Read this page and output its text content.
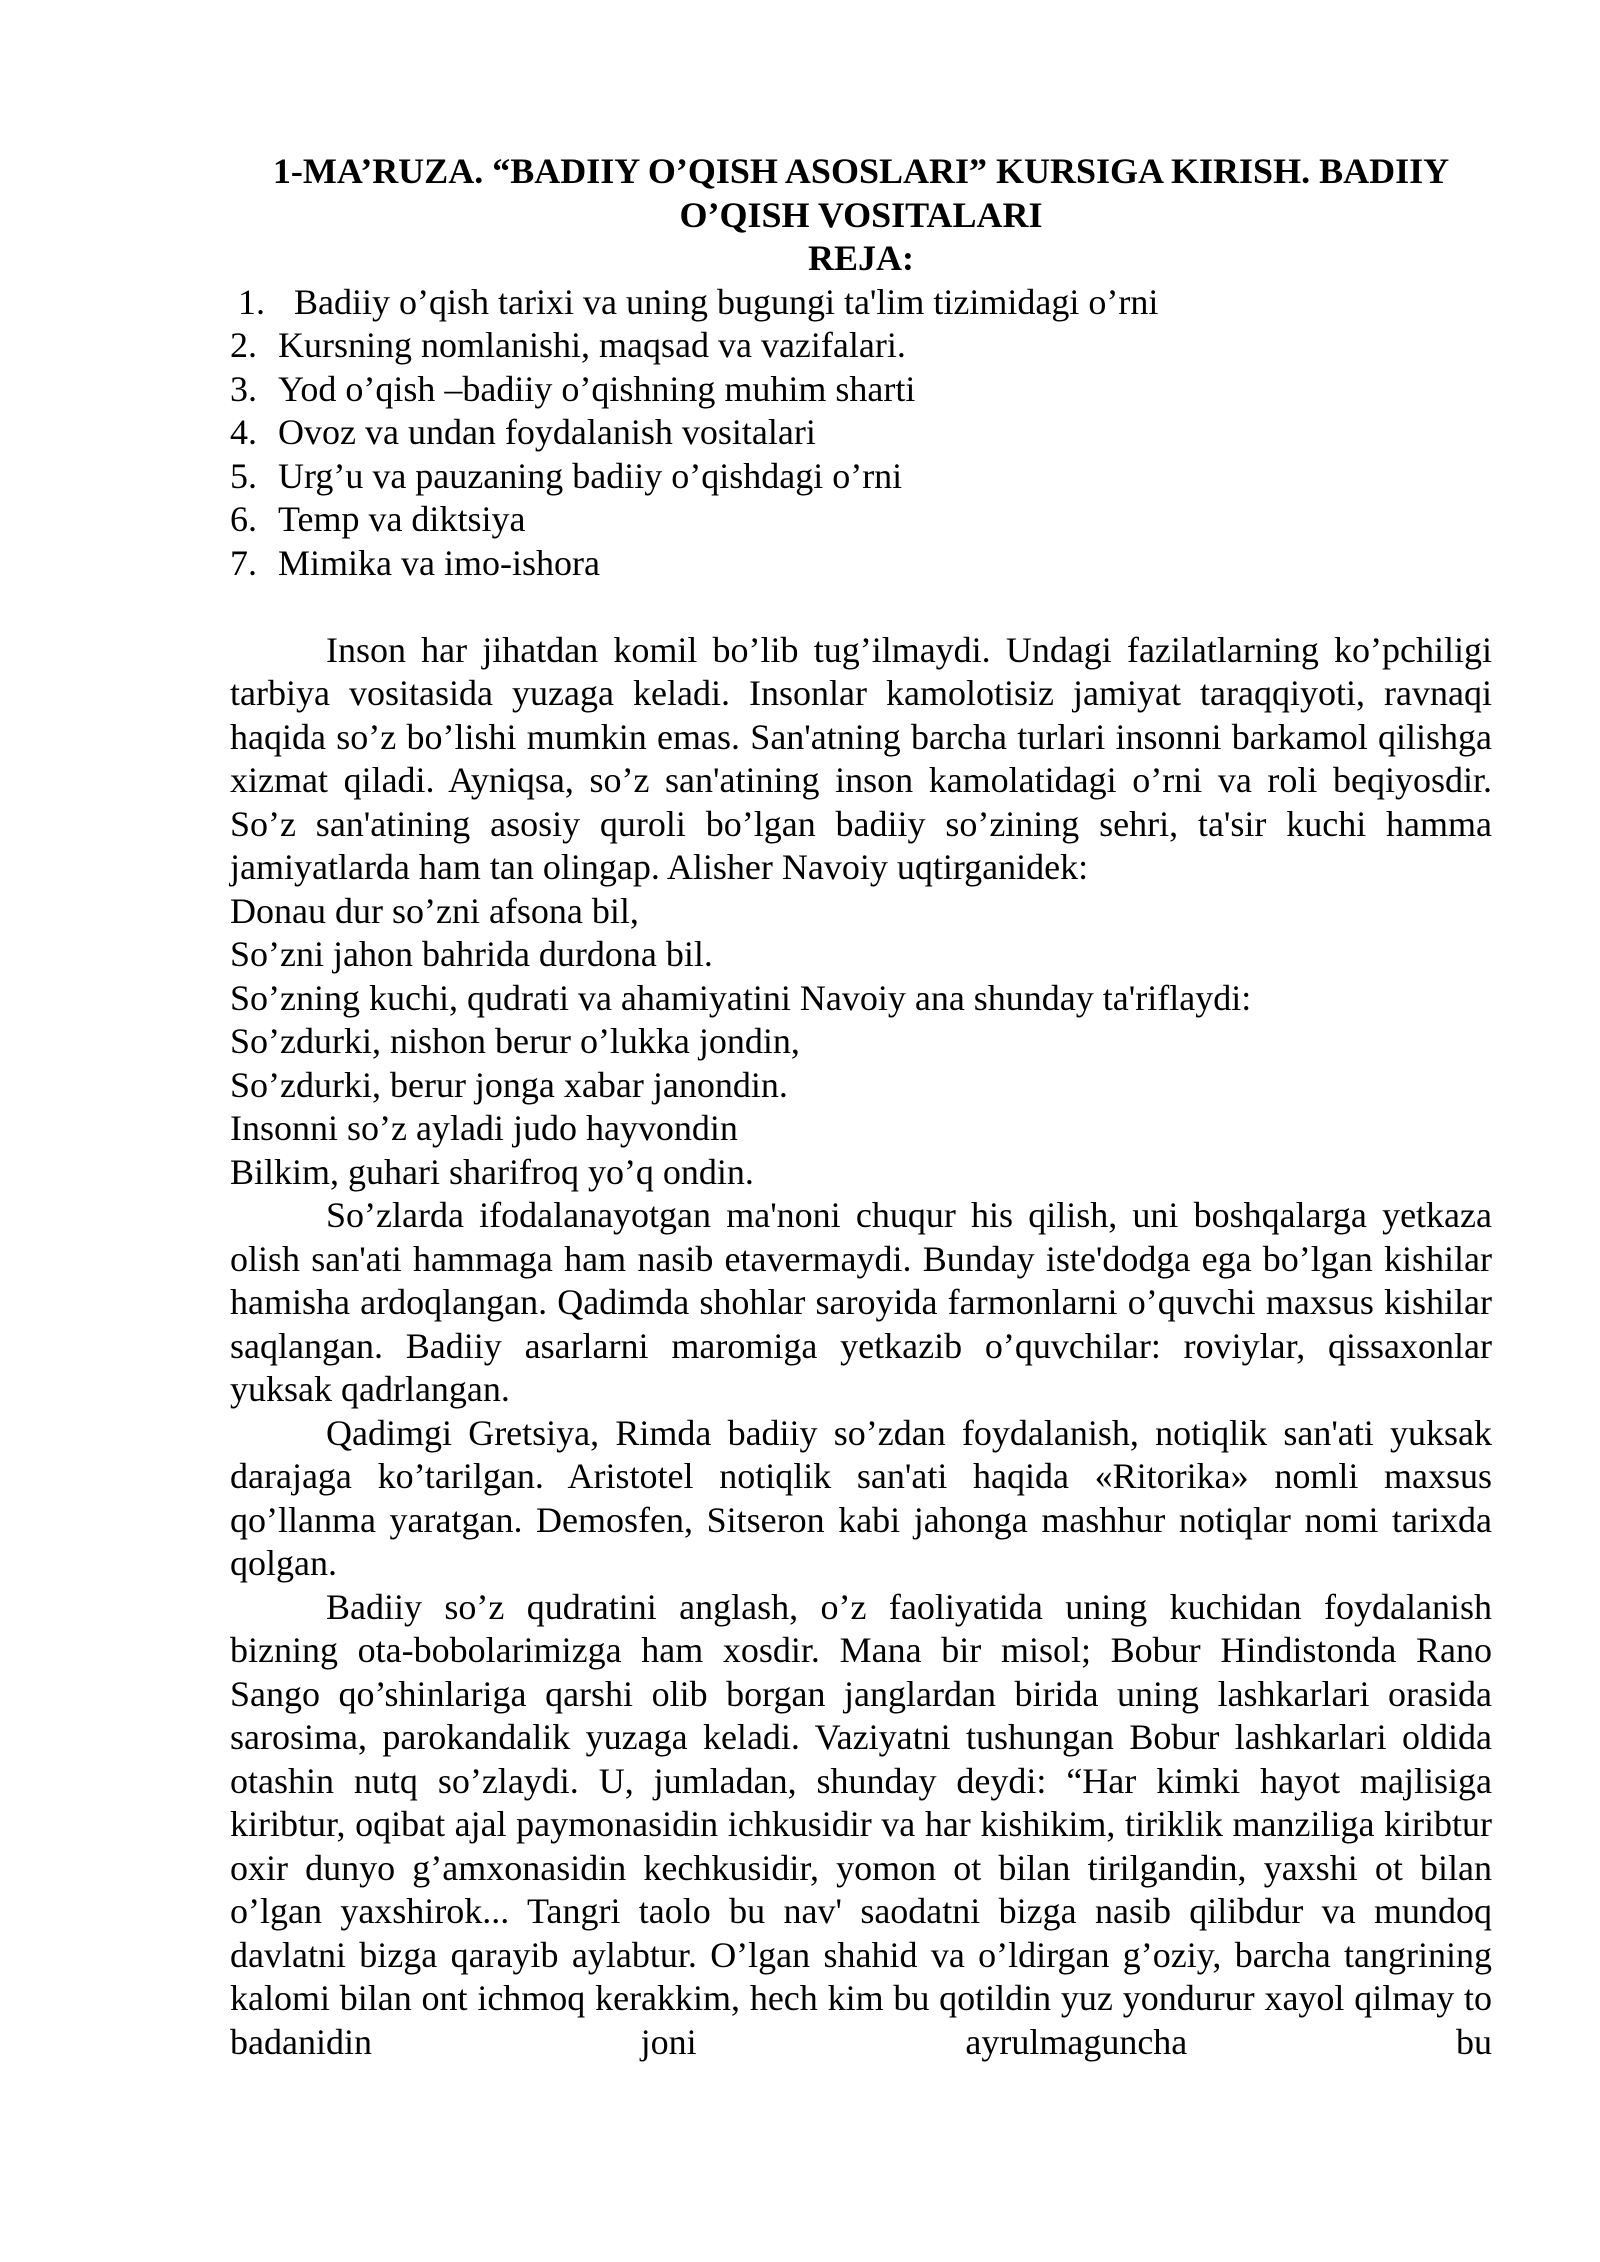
1-MA’RUZA. “BADIIY O’QISH ASOSLARI” KURSIGA KIRISH. BADIIY

O’QISH VOSITALARI

REJA:

1. Badiiy o’qish tarixi va uning bugungi ta'lim tizimidagi o’rni
2. Kursning nomlanishi, maqsad va vazifalari.
3. Yod o’qish –badiiy o’qishning muhim sharti
4. Ovoz va undan foydalanish vositalari
5. Urg’u va pauzaning badiiy o’qishdagi o’rni
6. Temp va diktsiya
7. Mimika va imo-ishora

Inson har jihatdan komil bo’lib tug’ilmaydi. Undagi fazilatlarning ko’pchiligi tarbiya vositasida yuzaga keladi. Insonlar kamolotisiz jamiyat taraqqiyoti, ravnaqi haqida so’z bo’lishi mumkin emas. San'atning barcha turlari insonni barkamol qilishga xizmat qiladi. Ayniqsa, so’z san'atining inson kamolatidagi o’rni va roli beqiyosdir. So’z san'atining asosiy quroli bo’lgan badiiy so’zining sehri, ta'sir kuchi hamma jamiyatlarda ham tan olingap. Alisher Navoiy uqtirganidek:

Donau dur so’zni afsona bil,

So’zni jahon bahrida durdona bil.

So’zning kuchi, qudrati va ahamiyatini Navoiy ana shunday ta'riflaydi:

So’zdurki, nishon berur o’lukka jondin,

So’zdurki, berur jonga xabar janondin.

Insonni so’z ayladi judo hayvondin

Bilkim, guhari sharifroq yo’q ondin.

So’zlarda ifodalanayotgan ma'noni chuqur his qilish, uni boshqalarga yetkaza olish san'ati hammaga ham nasib etavermaydi. Bunday iste'dodga ega bo’lgan kishilar hamisha ardoqlangan. Qadimda shohlar saroyida farmonlarni o’quvchi maxsus kishilar saqlangan. Badiiy asarlarni maromiga yetkazib o’quvchilar: roviylar, qissaxonlar yuksak qadrlangan.

Qadimgi Gretsiya, Rimda badiiy so’zdan foydalanish, notiqlik san'ati yuksak darajaga ko’tarilgan. Aristotel notiqlik san'ati haqida «Ritorika» nomli maxsus qo’llanma yaratgan. Demosfen, Sitseron kabi jahonga mashhur notiqlar nomi tarixda qolgan.

Badiiy so’z qudratini anglash, o’z faoliyatida uning kuchidan foydalanish bizning ota-bobolarimizga ham xosdir. Mana bir misol; Bobur Hindistonda Rano Sango qo’shinlariga qarshi olib borgan janglardan birida uning lashkarlari orasida sarosima, parokandalik yuzaga keladi. Vaziyatni tushungan Bobur lashkarlari oldida otashin nutq so’zlaydi. U, jumladan, shunday deydi: “Har kimki hayot majlisiga kiribtur, oqibat ajal paymonasidin ichkusidir va har kishikim, tiriklik manziliga kiribtur oxir dunyo g’amxonasidin kechkusidir, yomon ot bilan tirilgandin, yaxshi ot bilan o’lgan yaxshirok... Tangri taolo bu nav' saodatni bizga nasib qilibdur va mundoq davlatni bizga qarayib aylabtur. O’lgan shahid va o’ldirgan g’oziy, barcha tangrining kalomi bilan ont ichmoq kerakkim, hech kim bu qotildin yuz yondurur xayol qilmay to badanidin joni ayrulmaguncha bu
